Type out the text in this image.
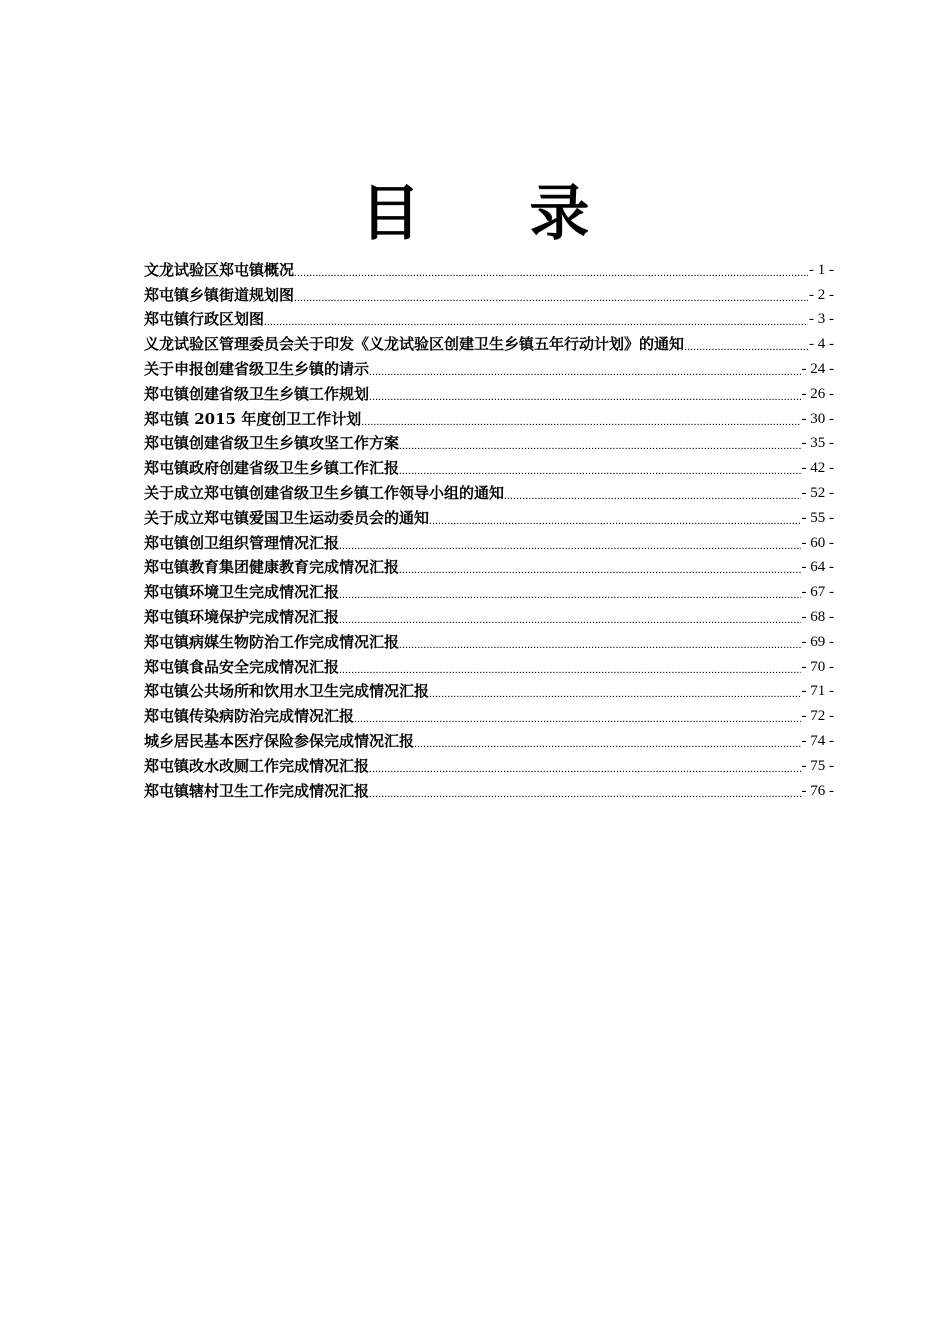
目 录
文龙试验区郑屯镇概况 .....	- 1 -
郑屯镇乡镇街道规划图 .....	- 2 -
郑屯镇行政区划图 .....	- 3 -
义龙试验区管理委员会关于印发《义龙试验区创建卫生乡镇五年行动计划》的通知 .....	- 4 -
关于申报创建省级卫生乡镇的请示 .....	- 24 -
郑屯镇创建省级卫生乡镇工作规划 .....	- 26 -
郑屯镇 2015 年度创卫工作计划 .....	- 30 -
郑屯镇创建省级卫生乡镇攻坚工作方案 .....	- 35 -
郑屯镇政府创建省级卫生乡镇工作汇报 .....	- 42 -
关于成立郑屯镇创建省级卫生乡镇工作领导小组的通知 .....	- 52 -
关于成立郑屯镇爱国卫生运动委员会的通知 .....	- 55 -
郑屯镇创卫组织管理情况汇报 .....	- 60 -
郑屯镇教育集团健康教育完成情况汇报 .....	- 64 -
郑屯镇环境卫生完成情况汇报 .....	- 67 -
郑屯镇环境保护完成情况汇报 .....	- 68 -
郑屯镇病媒生物防治工作完成情况汇报 .....	- 69 -
郑屯镇食品安全完成情况汇报 .....	- 70 -
郑屯镇公共场所和饮用水卫生完成情况汇报 .....	- 71 -
郑屯镇传染病防治完成情况汇报 .....	- 72 -
城乡居民基本医疗保险参保完成情况汇报 .....	- 74 -
郑屯镇改水改厕工作完成情况汇报 .....	- 75 -
郑屯镇辖村卫生工作完成情况汇报 .....	- 76 -
